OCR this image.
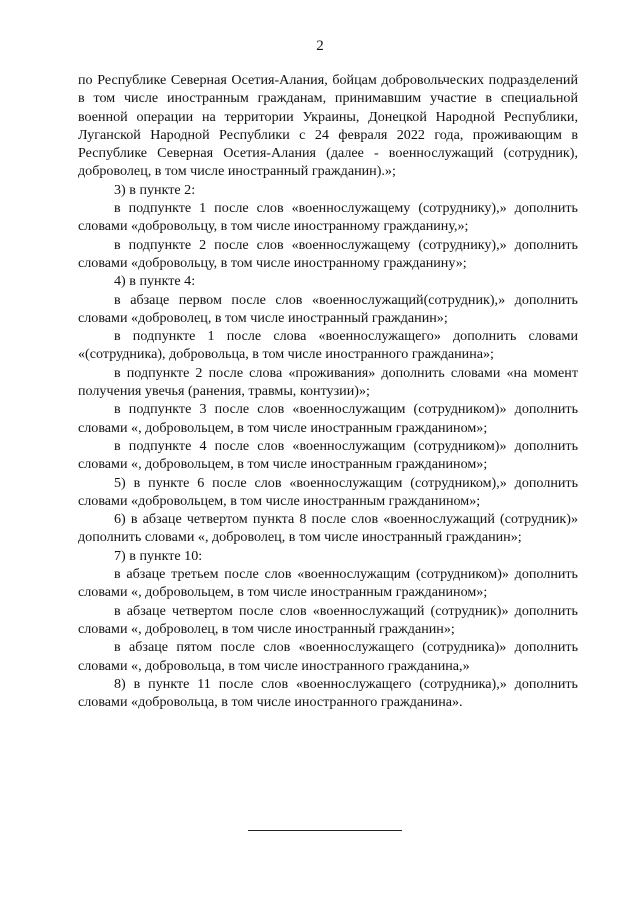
2

по Республике Северная Осетия-Алания, бойцам добровольческих подразделений в том числе иностранным гражданам, принимавшим участие в специальной военной операции на территории Украины, Донецкой Народной Республики, Луганской Народной Республики с 24 февраля 2022 года, проживающим в Республике Северная Осетия-Алания (далее - военнослужащий (сотрудник), доброволец, в том числе иностранный гражданин).»;

3) в пункте 2:

в подпункте 1 после слов «военнослужащему (сотруднику),» дополнить словами «добровольцу, в том числе иностранному гражданину,»;

в подпункте 2 после слов «военнослужащему (сотруднику),» дополнить словами «добровольцу, в том числе иностранному гражданину»;

4) в пункте 4:

в абзаце первом после слов «военнослужащий(сотрудник),» дополнить словами «доброволец, в том числе иностранный гражданин»;

в подпункте 1 после слова «военнослужащего» дополнить словами «(сотрудника), добровольца, в том числе иностранного гражданина»;

в подпункте 2 после слова «проживания» дополнить словами «на момент получения увечья (ранения, травмы, контузии)»;

в подпункте 3 после слов «военнослужащим (сотрудником)» дополнить словами «, добровольцем, в том числе иностранным гражданином»;

в подпункте 4 после слов «военнослужащим (сотрудником)» дополнить словами «, добровольцем, в том числе иностранным гражданином»;

5) в пункте 6 после слов «военнослужащим (сотрудником),» дополнить словами «добровольцем, в том числе иностранным гражданином»;

6) в абзаце четвертом пункта 8 после слов «военнослужащий (сотрудник)» дополнить словами «, доброволец, в том числе иностранный гражданин»;

7) в пункте 10:

в абзаце третьем после слов «военнослужащим (сотрудником)» дополнить словами «, добровольцем, в том числе иностранным гражданином»;

в абзаце четвертом после слов «военнослужащий (сотрудник)» дополнить словами «, доброволец, в том числе иностранный гражданин»;

в абзаце пятом после слов «военнослужащего (сотрудника)» дополнить словами «, добровольца, в том числе иностранного гражданина,»

8) в пункте 11 после слов «военнослужащего (сотрудника),» дополнить словами «добровольца, в том числе иностранного гражданина».
